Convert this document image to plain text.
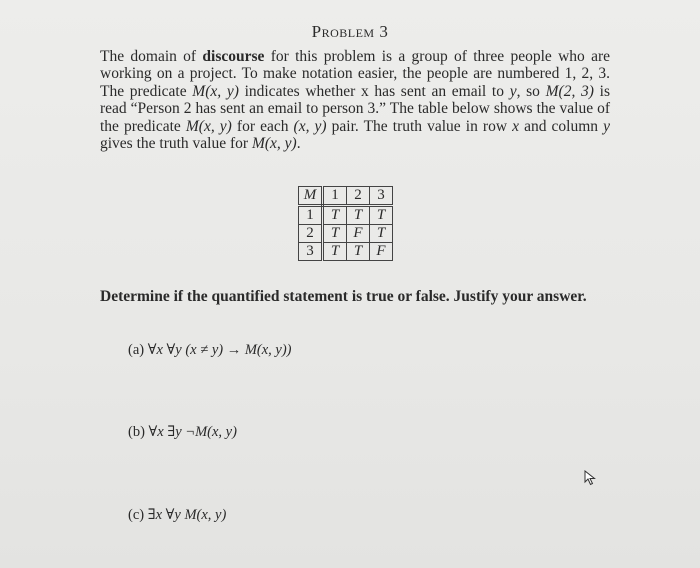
Problem 3
The domain of discourse for this problem is a group of three people who are working on a project. To make notation easier, the people are numbered 1, 2, 3. The predicate M(x, y) indicates whether x has sent an email to y, so M(2, 3) is read “Person 2 has sent an email to person 3.” The table below shows the value of the predicate M(x, y) for each (x, y) pair. The truth value in row x and column y gives the truth value for M(x, y).
M	1	2	3
1	T	T	T
2	T	F	T
3	T	T	F
Determine if the quantified statement is true or false. Justify your answer.
(a) ∀x ∀y (x ≠ y) → M(x, y))
(b) ∀x ∃y ¬M(x, y)
(c) ∃x ∀y M(x, y)
